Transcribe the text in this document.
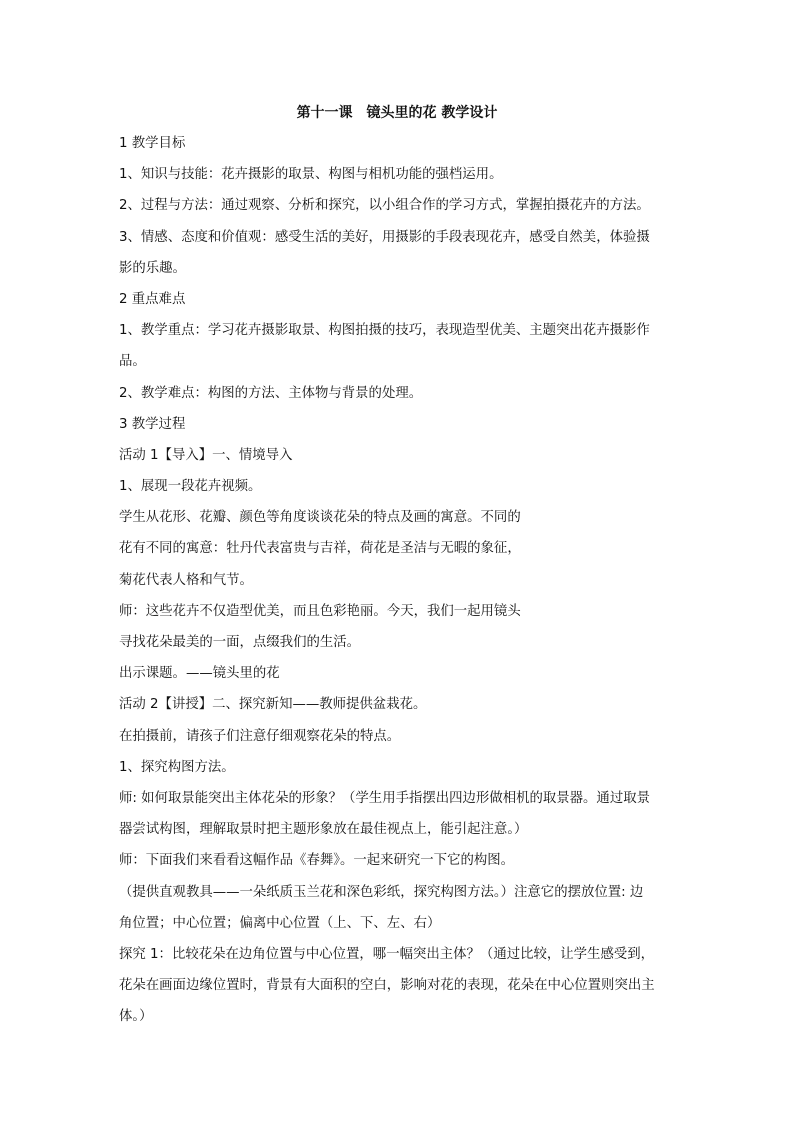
第十一课　镜头里的花 教学设计
1 教学目标
1、知识与技能：花卉摄影的取景、构图与相机功能的强档运用。
2、过程与方法：通过观察、分析和探究，以小组合作的学习方式，掌握拍摄花卉的方法。
3、情感、态度和价值观：感受生活的美好，用摄影的手段表现花卉，感受自然美，体验摄
影的乐趣。
2 重点难点
1、教学重点：学习花卉摄影取景、构图拍摄的技巧，表现造型优美、主题突出花卉摄影作
品。
2、教学难点：构图的方法、主体物与背景的处理。
3 教学过程
活动 1【导入】一、情境导入
1、展现一段花卉视频。
学生从花形、花瓣、颜色等角度谈谈花朵的特点及画的寓意。不同的
花有不同的寓意：牡丹代表富贵与吉祥，荷花是圣洁与无暇的象征，
菊花代表人格和气节。
师：这些花卉不仅造型优美，而且色彩艳丽。今天，我们一起用镜头
寻找花朵最美的一面，点缀我们的生活。
出示课题。——镜头里的花
活动 2【讲授】二、探究新知——教师提供盆栽花。
在拍摄前，请孩子们注意仔细观察花朵的特点。
1、探究构图方法。
师: 如何取景能突出主体花朵的形象？（学生用手指摆出四边形做相机的取景器。通过取景
器尝试构图，理解取景时把主题形象放在最佳视点上，能引起注意。）
师：下面我们来看看这幅作品《春舞》。一起来研究一下它的构图。
（提供直观教具——一朵纸质玉兰花和深色彩纸，探究构图方法。）注意它的摆放位置: 边
角位置；中心位置；偏离中心位置（上、下、左、右）
探究 1：比较花朵在边角位置与中心位置，哪一幅突出主体？（通过比较，让学生感受到，
花朵在画面边缘位置时，背景有大面积的空白，影响对花的表现，花朵在中心位置则突出主
体。）
